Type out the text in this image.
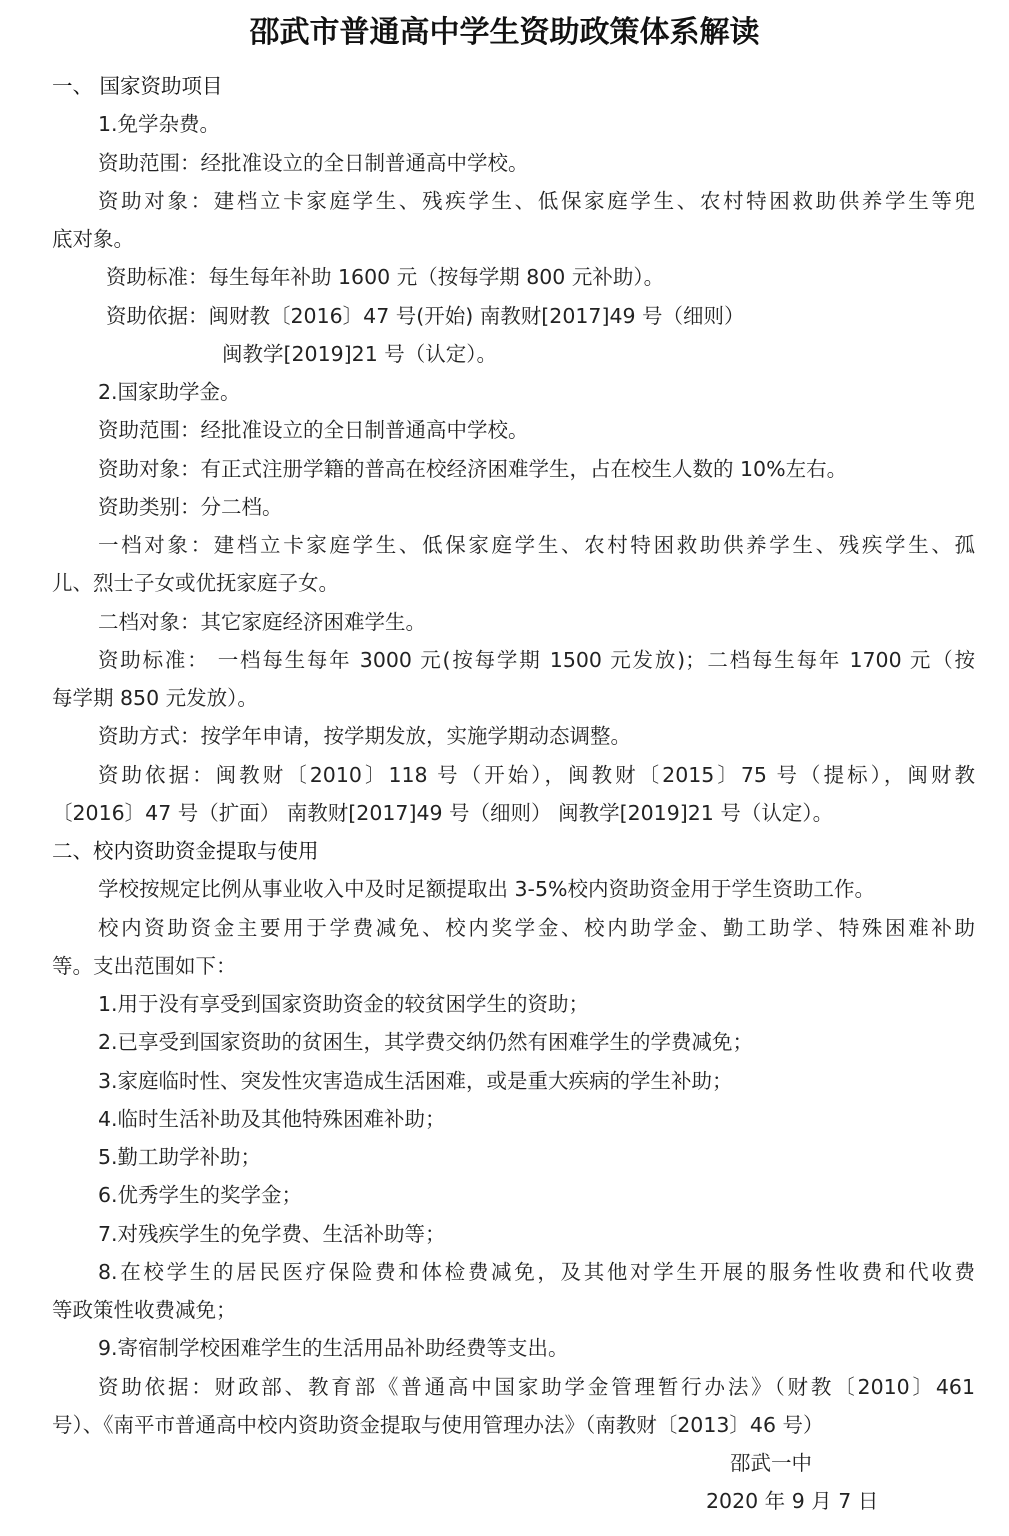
邵武市普通高中学生资助政策体系解读
一、 国家资助项目
1.免学杂费。
资助范围：经批准设立的全日制普通高中学校。
资助对象：建档立卡家庭学生、残疾学生、低保家庭学生、农村特困救助供养学生等兜
底对象。
资助标准：每生每年补助 1600 元（按每学期 800 元补助）。
资助依据：闽财教〔2016〕47 号(开始) 南教财[2017]49 号（细则）
闽教学[2019]21 号（认定）。
2.国家助学金。
资助范围：经批准设立的全日制普通高中学校。
资助对象：有正式注册学籍的普高在校经济困难学生，占在校生人数的 10%左右。
资助类别：分二档。
一档对象：建档立卡家庭学生、低保家庭学生、农村特困救助供养学生、残疾学生、孤
儿、烈士子女或优抚家庭子女。
二档对象：其它家庭经济困难学生。
资助标准： 一档每生每年 3000 元(按每学期 1500 元发放)；二档每生每年 1700 元（按
每学期 850 元发放）。
资助方式：按学年申请，按学期发放，实施学期动态调整。
资助依据：闽教财〔2010〕118 号（开始），闽教财〔2015〕75 号（提标），闽财教
〔2016〕47 号（扩面） 南教财[2017]49 号（细则） 闽教学[2019]21 号（认定）。
二、校内资助资金提取与使用
学校按规定比例从事业收入中及时足额提取出 3-5%校内资助资金用于学生资助工作。
校内资助资金主要用于学费减免、校内奖学金、校内助学金、勤工助学、特殊困难补助
等。支出范围如下：
1.用于没有享受到国家资助资金的较贫困学生的资助；
2.已享受到国家资助的贫困生，其学费交纳仍然有困难学生的学费减免；
3.家庭临时性、突发性灾害造成生活困难，或是重大疾病的学生补助；
4.临时生活补助及其他特殊困难补助；
5.勤工助学补助；
6.优秀学生的奖学金；
7.对残疾学生的免学费、生活补助等；
8.在校学生的居民医疗保险费和体检费减免，及其他对学生开展的服务性收费和代收费
等政策性收费减免；
9.寄宿制学校困难学生的生活用品补助经费等支出。
资助依据：财政部、教育部《普通高中国家助学金管理暂行办法》（财教〔2010〕461
号）、《南平市普通高中校内资助资金提取与使用管理办法》（南教财〔2013〕46 号）
邵武一中
2020 年 9 月 7 日
